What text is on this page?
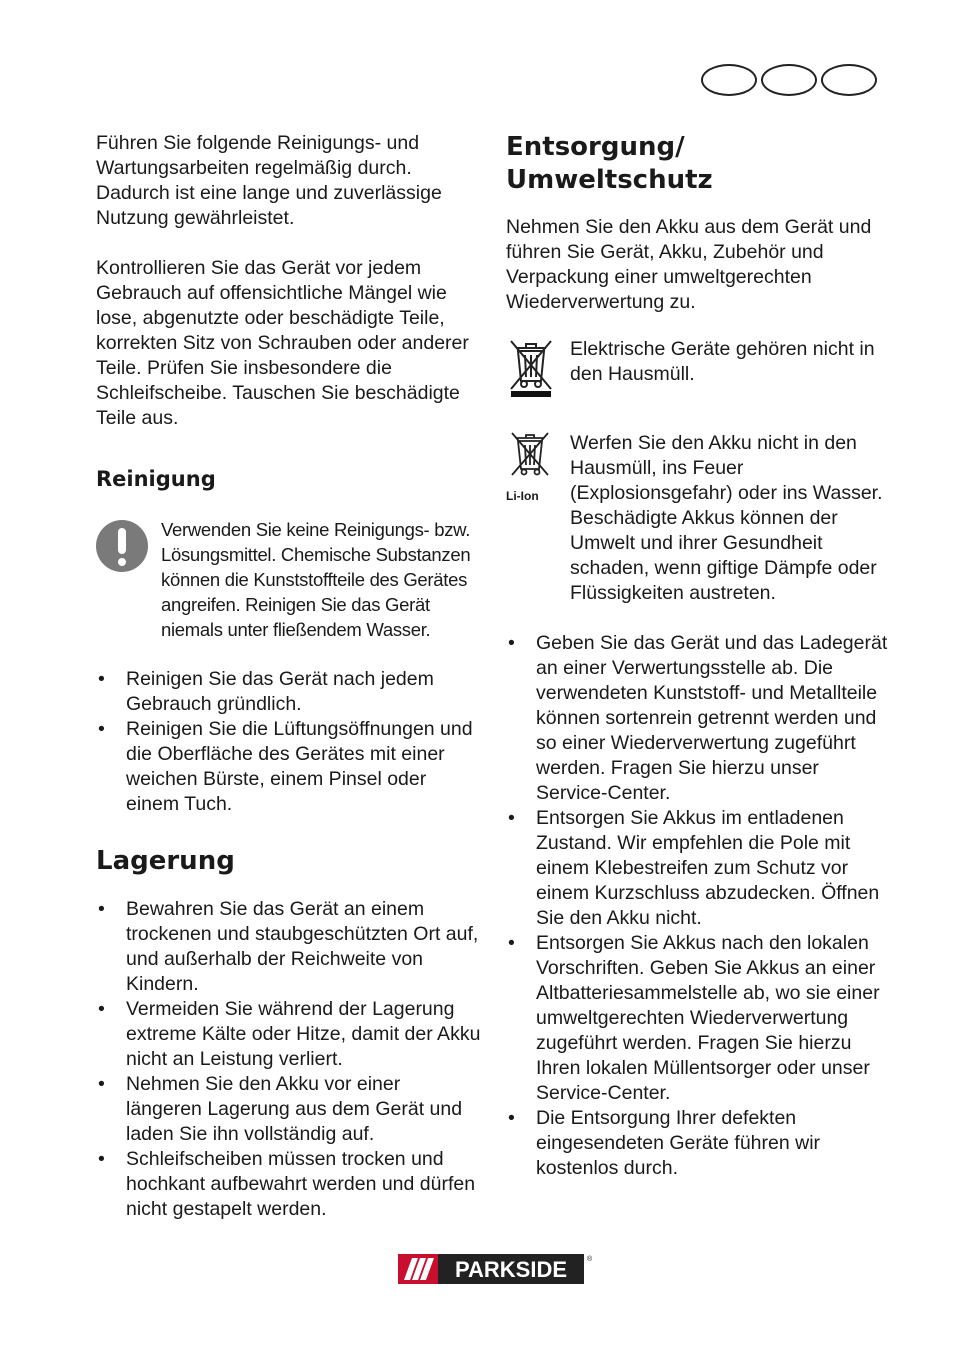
Führen Sie folgende Reinigungs- und Wartungsarbeiten regelmäßig durch. Dadurch ist eine lange und zuverlässige Nutzung gewährleistet.

Kontrollieren Sie das Gerät vor jedem Gebrauch auf offensichtliche Mängel wie lose, abgenutzte oder beschädigte Teile, korrekten Sitz von Schrauben oder anderer Teile. Prüfen Sie insbesondere die Schleifscheibe. Tauschen Sie beschädigte Teile aus.

Reinigung
Verwenden Sie keine Reinigungs- bzw. Lösungsmittel. Chemische Substanzen können die Kunststoffteile des Gerätes angreifen. Reinigen Sie das Gerät niemals unter fließendem Wasser.
• Reinigen Sie das Gerät nach jedem Gebrauch gründlich.
• Reinigen Sie die Lüftungsöffnungen und die Oberfläche des Gerätes mit einer weichen Bürste, einem Pinsel oder einem Tuch.
Lagerung
• Bewahren Sie das Gerät an einem trockenen und staubgeschützten Ort auf, und außerhalb der Reichweite von Kindern.
• Vermeiden Sie während der Lagerung extreme Kälte oder Hitze, damit der Akku nicht an Leistung verliert.
• Nehmen Sie den Akku vor einer längeren Lagerung aus dem Gerät und laden Sie ihn vollständig auf.
• Schleifscheiben müssen trocken und hochkant aufbewahrt werden und dürfen nicht gestapelt werden.
Entsorgung/ Umweltschutz

Nehmen Sie den Akku aus dem Gerät und führen Sie Gerät, Akku, Zubehör und Verpackung einer umweltgerechten Wiederverwertung zu.

Elektrische Geräte gehören nicht in den Hausmüll.
Li-Ion
Werfen Sie den Akku nicht in den Hausmüll, ins Feuer (Explosionsgefahr) oder ins Wasser. Beschädigte Akkus können der Umwelt und ihrer Gesundheit schaden, wenn giftige Dämpfe oder Flüssigkeiten austreten.
• Geben Sie das Gerät und das Ladegerät an einer Verwertungsstelle ab. Die verwendeten Kunststoff- und Metallteile können sortenrein getrennt werden und so einer Wiederverwertung zugeführt werden. Fragen Sie hierzu unser Service-Center.
• Entsorgen Sie Akkus im entladenen Zustand. Wir empfehlen die Pole mit einem Klebestreifen zum Schutz vor einem Kurzschluss abzudecken. Öffnen Sie den Akku nicht.
• Entsorgen Sie Akkus nach den lokalen Vorschriften. Geben Sie Akkus an einer Altbatteriesammelstelle ab, wo sie einer umweltgerechten Wiederverwertung zugeführt werden. Fragen Sie hierzu Ihren lokalen Müllentsorger oder unser Service-Center.
• Die Entsorgung Ihrer defekten eingesendeten Geräte führen wir kostenlos durch.
PARKSIDE	®
